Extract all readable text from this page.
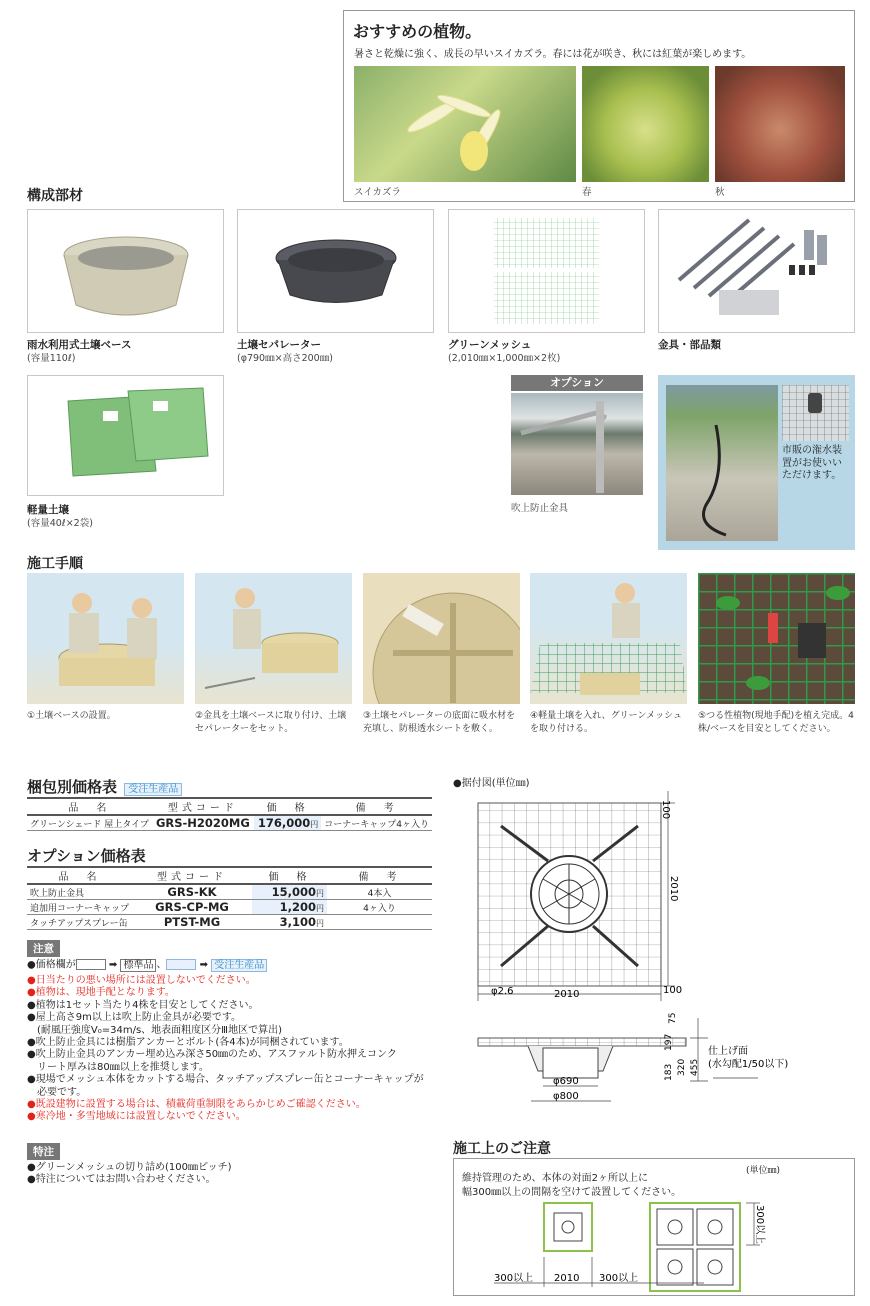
おすすめの植物。
暑さと乾燥に強く、成長の早いスイカズラ。春には花が咲き、秋には紅葉が楽しめます。
スイカズラ	春	秋
構成部材
雨水利用式土壌ベース
(容量110ℓ)
土壌セパレーター
(φ790㎜×高さ200㎜)
グリーンメッシュ
(2,010㎜×1,000㎜×2枚)
金具・部品類
軽量土壌
(容量40ℓ×2袋)
オプション
吹上防止金具
市販の潅水装置がお使いいただけます。
施工手順
①土壌ベースの設置。	②金具を土壌ベースに取り付け、土壌セパレーターをセット。
③土壌セパレーターの底面に吸水材を充填し、防根透水シートを敷く。
④軽量土壌を入れ、グリーンメッシュを取り付ける。
⑤つる性植物(現地手配)を植え完成。4株/ベースを目安としてください。
梱包別価格表 受注生産品
品　名	型式コード	価　格	備　考
グリーンシェード 屋上タイプ	GRS-H2020MG	176,000円	コーナーキャップ4ヶ入り
オプション価格表
品　名	型式コード	価　格	備　考
吹上防止金具	GRS-KK	15,000円	4本入
追加用コーナーキャップ	GRS-CP-MG	1,200円	4ヶ入り
タッチアップスプレー缶	PTST-MG	3,100円	
注意
●価格欄が	➡ 標準品 、	➡ 受注生産品
●日当たりの悪い場所には設置しないでください。
●植物は、現地手配となります。
●植物は1セット当たり4株を目安としてください。
●屋上高さ9m以上は吹上防止金具が必要です。
　(耐風圧強度V₀=34m/s、地表面粗度区分Ⅲ地区で算出)
●吹上防止金具には樹脂アンカーとボルト(各4本)が同梱されています。
●吹上防止金具のアンカー埋め込み深さ50㎜のため、アスファルト防水押えコンク
　リート厚みは80㎜以上を推奨します。
●現場でメッシュ本体をカットする場合、タッチアップスプレー缶とコーナーキャップが
　必要です。
●既設建物に設置する場合は、積載荷重制限をあらかじめご確認ください。
●寒冷地・多雪地域には設置しないでください。
特注
●グリーンメッシュの切り詰め(100㎜ピッチ)
●特注についてはお問い合わせください。
●据付図(単位㎜)
100
2010
2010	100
φ2.6
φ690
φ800
75
197
183 320 455
仕上げ面
(水勾配1/50以下)
施工上のご注意
(単位㎜)
維持管理のため、本体の対面2ヶ所以上に
幅300㎜以上の間隔を空けて設置してください。
300以上 2010 300以上
300以上
